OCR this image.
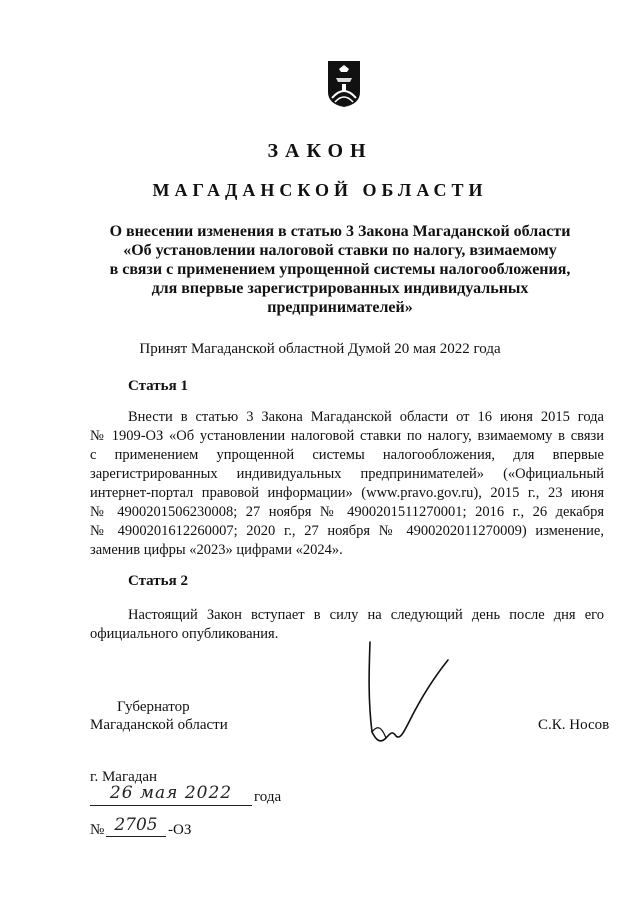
ЗАКОН
МАГАДАНСКОЙ ОБЛАСТИ
О внесении изменения в статью 3 Закона Магаданской области
«Об установлении налоговой ставки по налогу, взимаемому
в связи с применением упрощенной системы налогообложения,
для впервые зарегистрированных индивидуальных
предпринимателей»
Принят Магаданской областной Думой 20 мая 2022 года
Статья 1
Внести в статью 3 Закона Магаданской области от 16 июня 2015 года
№ 1909-ОЗ «Об установлении налоговой ставки по налогу, взимаемому в связи
с применением упрощенной системы налогообложения, для впервые
зарегистрированных индивидуальных предпринимателей» («Официальный
интернет-портал правовой информации» (www.pravo.gov.ru), 2015 г., 23 июня
№ 4900201506230008; 27 ноября № 4900201511270001; 2016 г., 26 декабря
№ 4900201612260007; 2020 г., 27 ноября № 4900202011270009) изменение,
заменив цифры «2023» цифрами «2024».
Статья 2
Настоящий Закон вступает в силу на следующий день после дня его
официального опубликования.
Губернатор
Магаданской области	С.К. Носов
г. Магадан
26 мая 2022	года
№ 2705 -ОЗ
